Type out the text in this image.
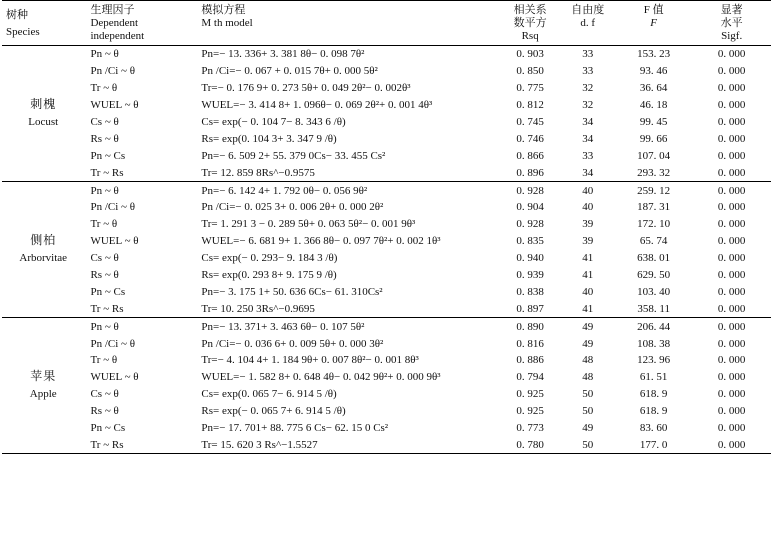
树种
Species	生理因子
Dependent
independent	模拟方程
M th model	相关系
数平方
Rsq	自由度
d. f	F 值
F	显著
水平
Sigf.
刺槐
Locust	Pn ~ θ	Pn=− 13. 336+ 3. 381 8θ− 0. 098 7θ²	0. 903	33	153. 23	0. 000
	Pn /Ci ~ θ	Pn /Ci=− 0. 067 + 0. 015 7θ+ 0. 000 5θ²	0. 850	33	93. 46	0. 000
	Tr ~ θ	Tr=− 0. 176 9+ 0. 273 5θ+ 0. 049 2θ²− 0. 002θ³	0. 775	32	36. 64	0. 000
	WUEL ~ θ	WUEL=− 3. 414 8+ 1. 096θ− 0. 069 2θ²+ 0. 001 4θ³	0. 812	32	46. 18	0. 000
	Cs ~ θ	Cs= exp(− 0. 104 7− 8. 343 6 /θ)	0. 745	34	99. 45	0. 000
	Rs ~ θ	Rs= exp(0. 104 3+ 3. 347 9 /θ)	0. 746	34	99. 66	0. 000
	Pn ~ Cs	Pn=− 6. 509 2+ 55. 379 0Cs− 33. 455 Cs²	0. 866	33	107. 04	0. 000
	Tr ~ Rs	Tr= 12. 859 8Rs^−0.9575	0. 896	34	293. 32	0. 000
侧柏
Arborvitae	Pn ~ θ	Pn=− 6. 142 4+ 1. 792 0θ− 0. 056 9θ²	0. 928	40	259. 12	0. 000
	Pn /Ci ~ θ	Pn /Ci=− 0. 025 3+ 0. 006 2θ+ 0. 000 2θ²	0. 904	40	187. 31	0. 000
	Tr ~ θ	Tr= 1. 291 3 − 0. 289 5θ+ 0. 063 5θ²− 0. 001 9θ³	0. 928	39	172. 10	0. 000
	WUEL ~ θ	WUEL=− 6. 681 9+ 1. 366 8θ− 0. 097 7θ²+ 0. 002 1θ³	0. 835	39	65. 74	0. 000
	Cs ~ θ	Cs= exp(− 0. 293− 9. 184 3 /θ)	0. 940	41	638. 01	0. 000
	Rs ~ θ	Rs= exp(0. 293 8+ 9. 175 9 /θ)	0. 939	41	629. 50	0. 000
	Pn ~ Cs	Pn=− 3. 175 1+ 50. 636 6Cs− 61. 310Cs²	0. 838	40	103. 40	0. 000
	Tr ~ Rs	Tr= 10. 250 3Rs^−0.9695	0. 897	41	358. 11	0. 000
苹果
Apple	Pn ~ θ	Pn=− 13. 371+ 3. 463 6θ− 0. 107 5θ²	0. 890	49	206. 44	0. 000
	Pn /Ci ~ θ	Pn /Ci=− 0. 036 6+ 0. 009 5θ+ 0. 000 3θ²	0. 816	49	108. 38	0. 000
	Tr ~ θ	Tr=− 4. 104 4+ 1. 184 9θ+ 0. 007 8θ²− 0. 001 8θ³	0. 886	48	123. 96	0. 000
	WUEL ~ θ	WUEL=− 1. 582 8+ 0. 648 4θ− 0. 042 9θ²+ 0. 000 9θ³	0. 794	48	61. 51	0. 000
	Cs ~ θ	Cs= exp(0. 065 7− 6. 914 5 /θ)	0. 925	50	618. 9	0. 000
	Rs ~ θ	Rs= exp(− 0. 065 7+ 6. 914 5 /θ)	0. 925	50	618. 9	0. 000
	Pn ~ Cs	Pn=− 17. 701+ 88. 775 6 Cs− 62. 15 0 Cs²	0. 773	49	83. 60	0. 000
	Tr ~ Rs	Tr= 15. 620 3 Rs^−1.5527	0. 780	50	177. 0	0. 000
